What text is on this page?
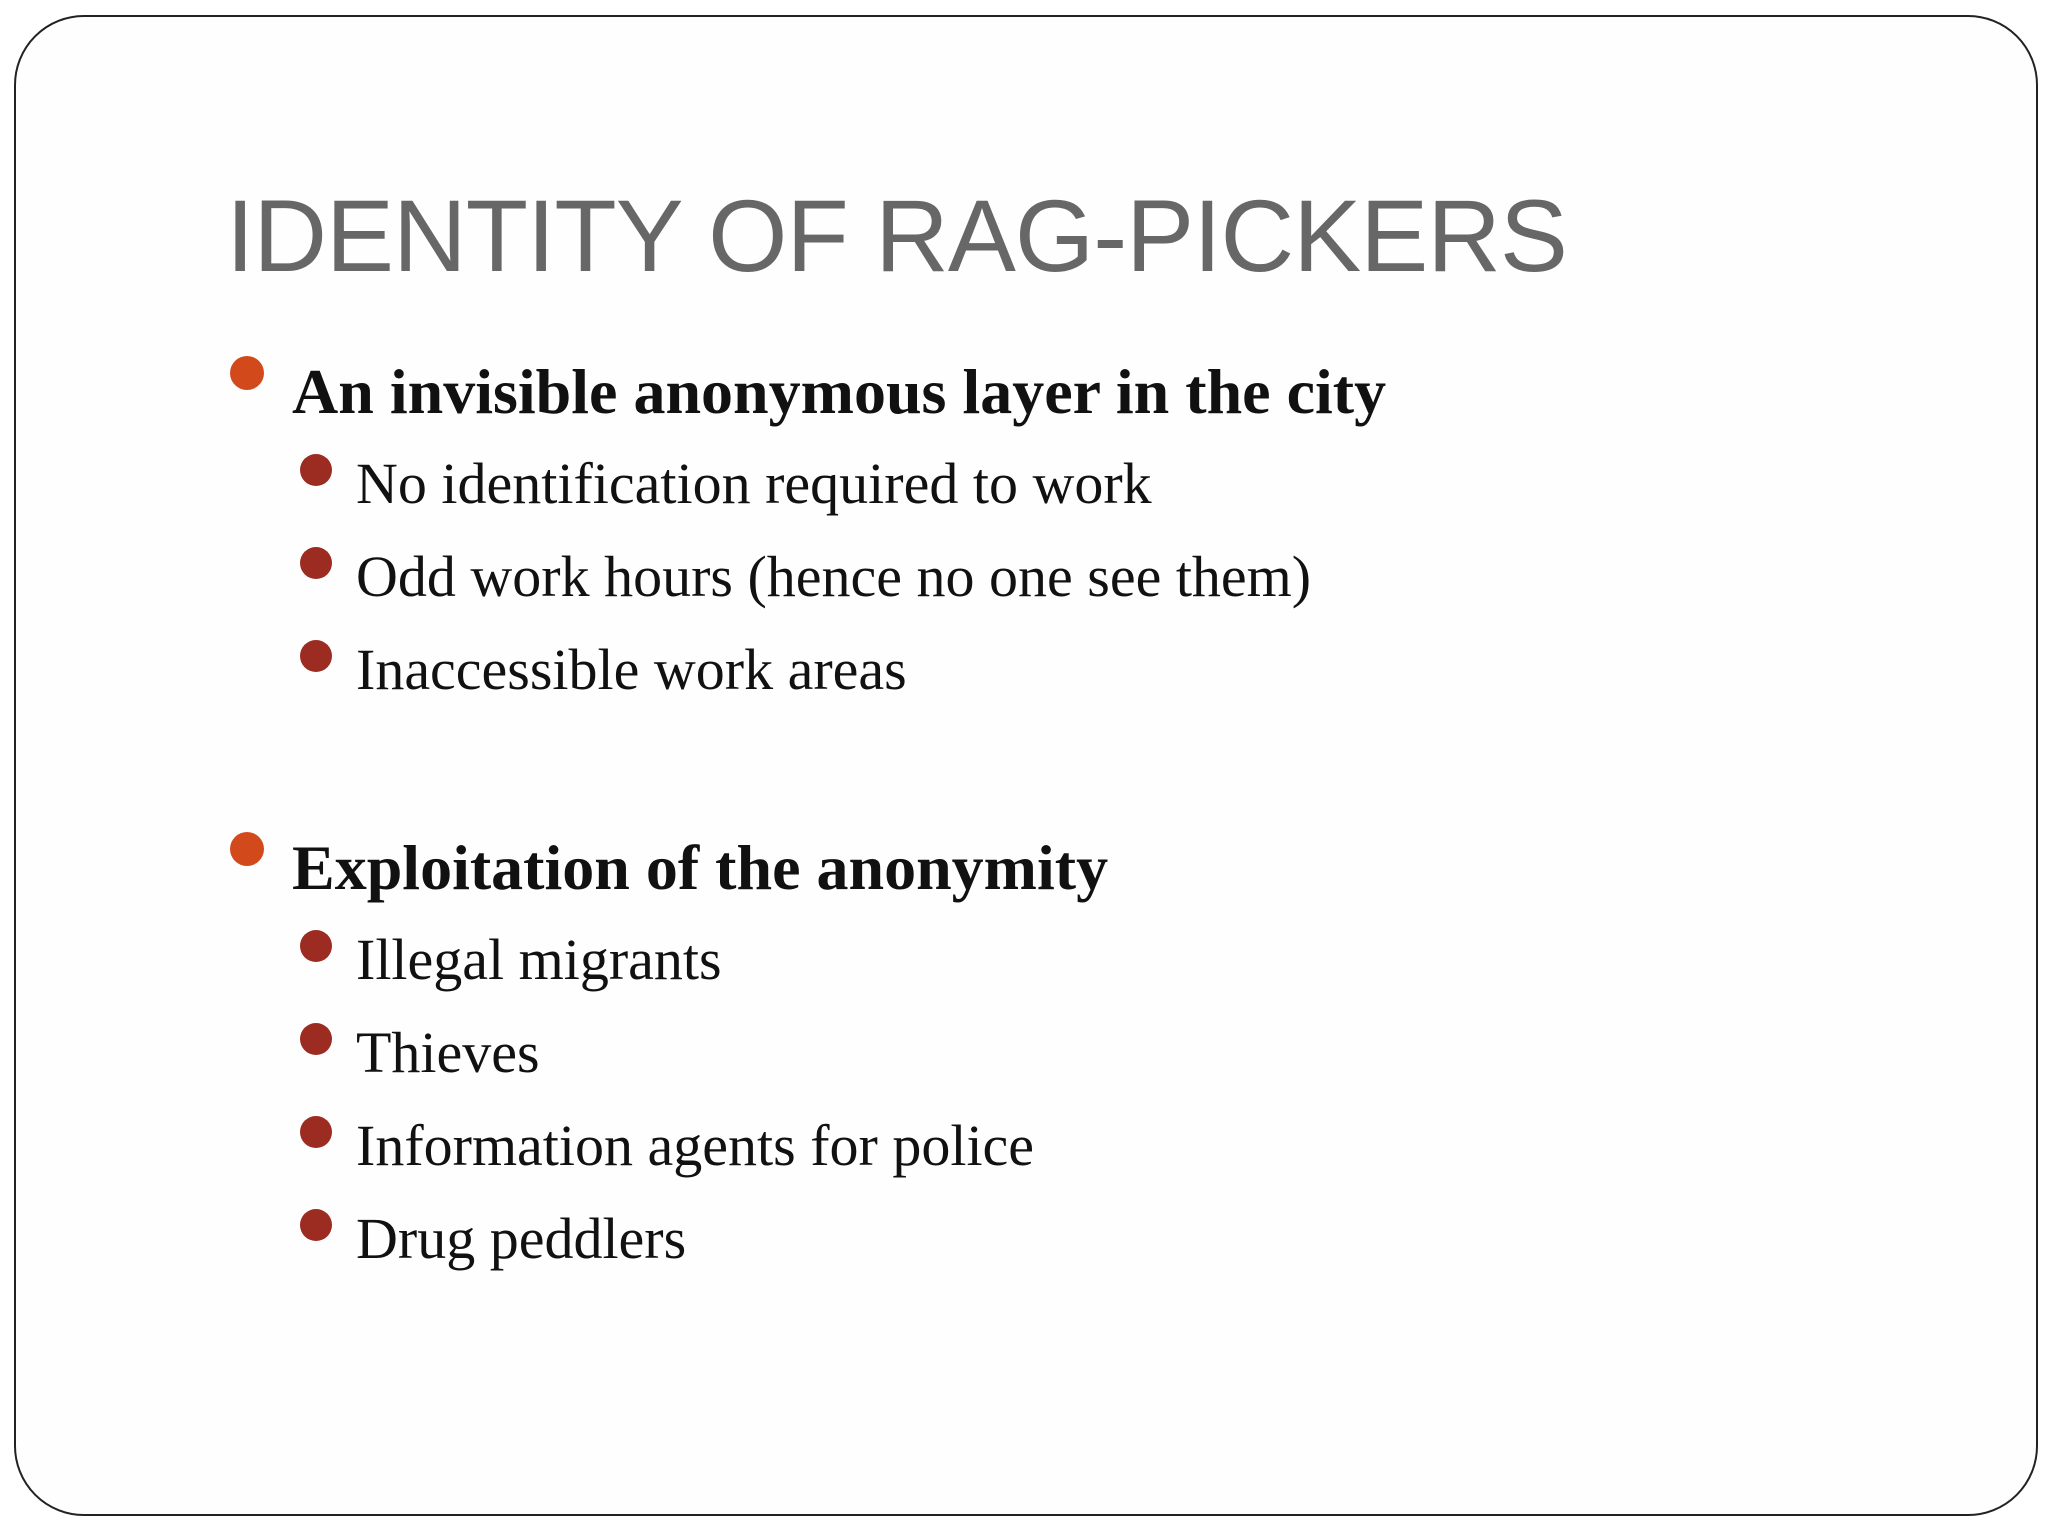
IDENTITY OF RAG-PICKERS
An invisible anonymous layer in the city
No identification required to work
Odd work hours (hence no one see them)
Inaccessible work areas
Exploitation of the anonymity
Illegal migrants
Thieves
Information agents for police
Drug peddlers
